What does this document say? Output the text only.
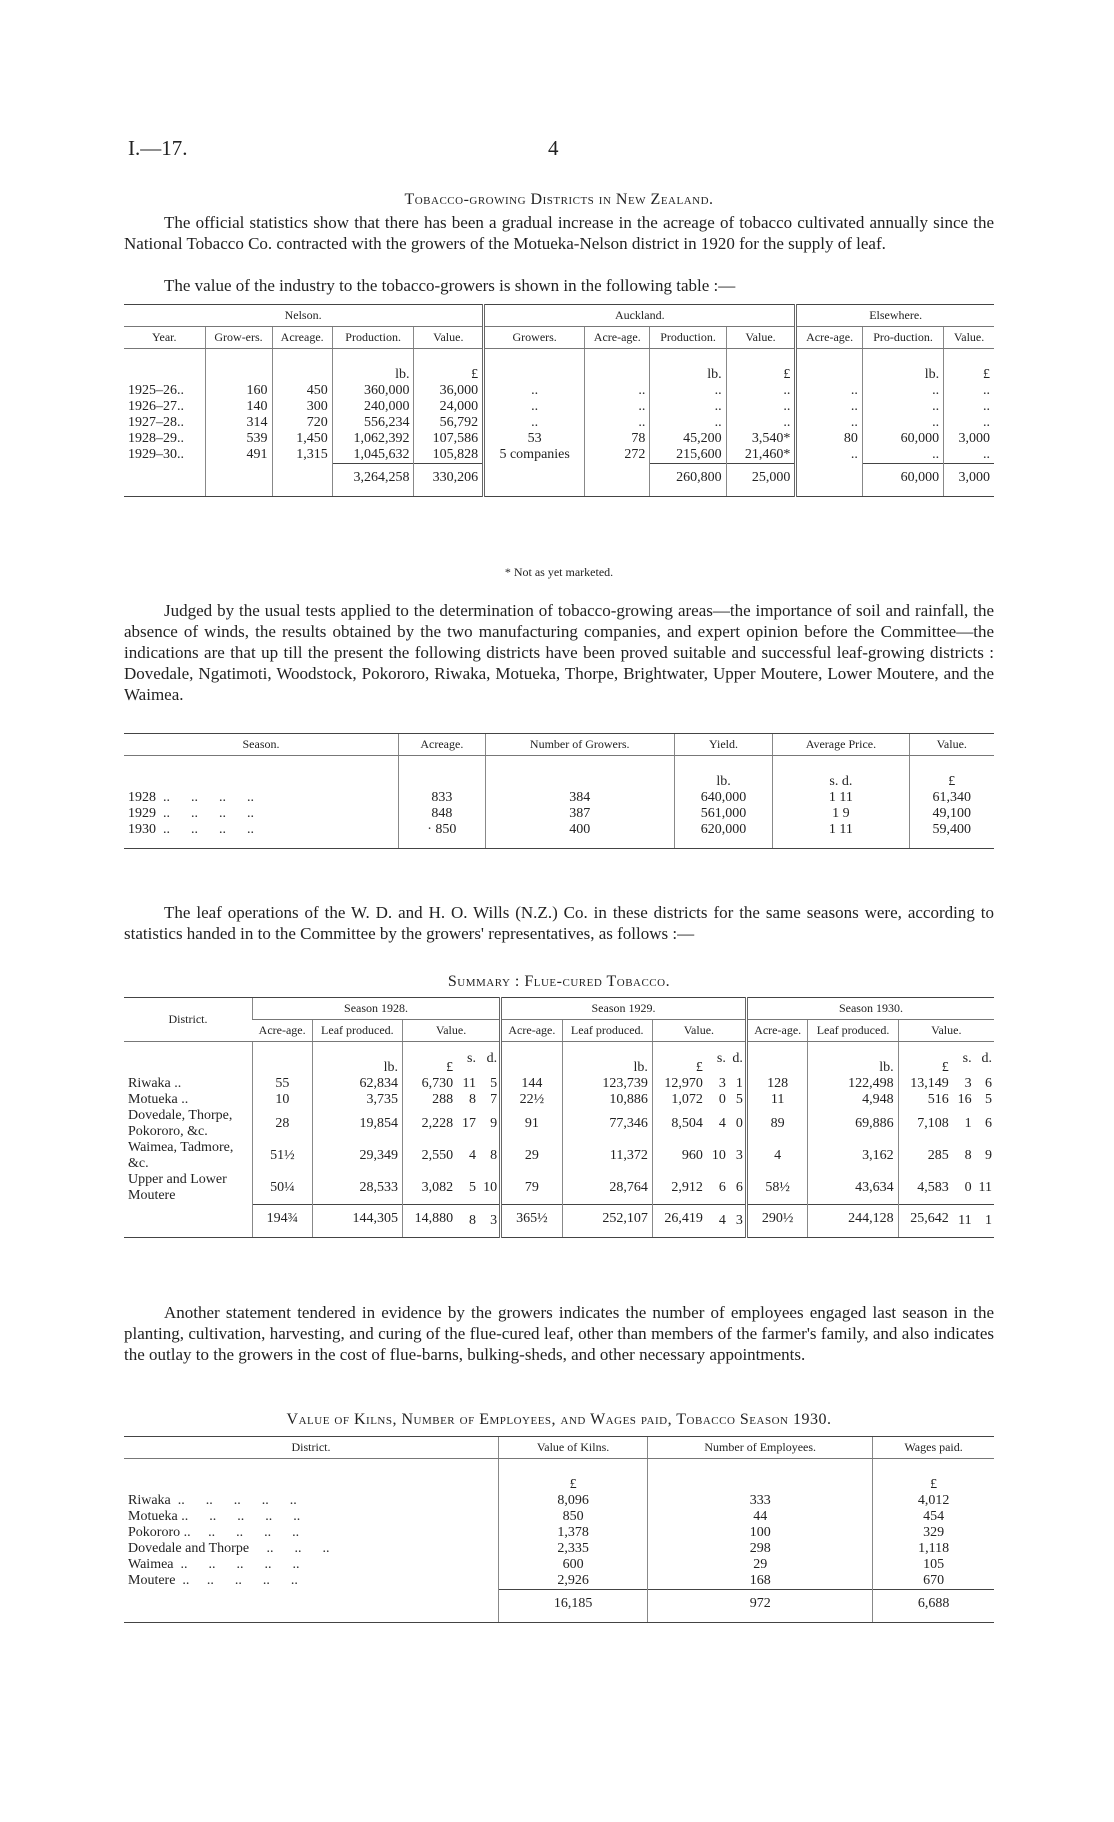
I.—17.	4
Tobacco-growing Districts in New Zealand.
The official statistics show that there has been a gradual increase in the acreage of tobacco cultivated annually since the National Tobacco Co. contracted with the growers of the Motueka-Nelson district in 1920 for the supply of leaf.
The value of the industry to the tobacco-growers is shown in the following table :—
Nelson.					Auckland.				Elsewhere.		
Year.	Grow-ers.	Acreage.	Production.	Value.	Growers.	Acre-age.	Production.	Value.	Acre-age.	Pro-duction.	Value.
			lb.	£			lb.	£		lb.	£
1925–26..	160	450	360,000	36,000	..	..	..	..	..	..	..
1926–27..	140	300	240,000	24,000	..	..	..	..	..	..	..
1927–28..	314	720	556,234	56,792	..	..	..	..	..	..	..
1928–29..	539	1,450	1,062,392	107,586	53	78	45,200	3,540*	80	60,000	3,000
1929–30..	491	1,315	1,045,632	105,828	5 companies	272	215,600	21,460*	..	..	..
			3,264,258	330,206			260,800	25,000		60,000	3,000
* Not as yet marketed.
Judged by the usual tests applied to the determination of tobacco-growing areas—the importance of soil and rainfall, the absence of winds, the results obtained by the two manufacturing companies, and expert opinion before the Committee—the indications are that up till the present the following districts have been proved suitable and successful leaf-growing districts : Dovedale, Ngatimoti, Woodstock, Pokororo, Riwaka, Motueka, Thorpe, Brightwater, Upper Moutere, Lower Moutere, and the Waimea.
Season.	Acreage.	Number of Growers.	Yield.	Average Price.	Value.
			lb.	s. d.	£
1928  ..      ..      ..      ..	833	384	640,000	1 11	61,340
1929  ..      ..      ..      ..	848	387	561,000	1 9	49,100
1930  ..      ..      ..      ..	· 850	400	620,000	1 11	59,400
The leaf operations of the W. D. and H. O. Wills (N.Z.) Co. in these districts for the same seasons were, according to statistics handed in to the Committee by the growers' representatives, as follows :—
Summary : Flue-cured Tobacco.
District.	Season 1928.					Season 1929.					Season 1930.				
	Acre-age.	Leaf produced.	Value.			Acre-age.	Leaf produced.	Value.			Acre-age.	Leaf produced.	Value.		
		lb.	£	s.	d.		lb.	£	s.	d.		lb.	£	s.	d.
Riwaka ..	55	62,834	6,730	11	5	144	123,739	12,970	3	1	128	122,498	13,149	3	6
Motueka ..	10	3,735	288	8	7	22½	10,886	1,072	0	5	11	4,948	516	16	5
Dovedale, Thorpe, Pokororo, &c.	28	19,854	2,228	17	9	91	77,346	8,504	4	0	89	69,886	7,108	1	6
Waimea, Tadmore, &c.	51½	29,349	2,550	4	8	29	11,372	960	10	3	4	3,162	285	8	9
Upper and Lower Moutere	50¼	28,533	3,082	5	10	79	28,764	2,912	6	6	58½	43,634	4,583	0	11
	194¾	144,305	14,880	8	3	365½	252,107	26,419	4	3	290½	244,128	25,642	11	1
Another statement tendered in evidence by the growers indicates the number of employees engaged last season in the planting, cultivation, harvesting, and curing of the flue-cured leaf, other than members of the farmer's family, and also indicates the outlay to the growers in the cost of flue-barns, bulking-sheds, and other necessary appointments.
Value of Kilns, Number of Employees, and Wages paid, Tobacco Season 1930.
District.	Value of Kilns.	Number of Employees.	Wages paid.
	£		£
Riwaka  ..      ..      ..      ..      ..	8,096	333	4,012
Motueka ..      ..      ..      ..      ..	850	44	454
Pokororo ..     ..      ..      ..      ..	1,378	100	329
Dovedale and Thorpe     ..      ..      ..	2,335	298	1,118
Waimea  ..      ..      ..      ..      ..	600	29	105
Moutere  ..     ..      ..      ..      ..	2,926	168	670
	16,185	972	6,688
